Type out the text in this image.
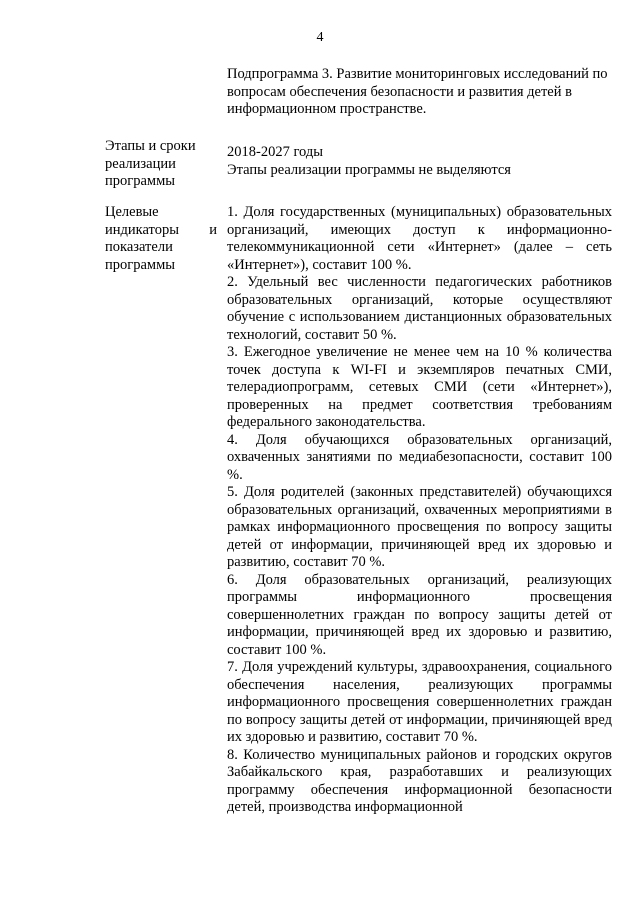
4
Подпрограмма 3. Развитие мониторинговых исследований по вопросам обеспечения безопасности и развития детей в информационном пространстве.
Этапы и сроки
реализации
программы
2018-2027 годы
Этапы реализации программы не выделяются
Целевые
индикаторы и
показатели
программы

1. Доля государственных (муниципальных) образовательных организаций, имеющих доступ к информационно-телекоммуникационной сети «Интернет» (далее – сеть «Интернет»), составит 100 %.

2. Удельный вес численности педагогических работников образовательных организаций, которые осуществляют обучение с использованием дистанционных образовательных технологий, составит 50 %.

3. Ежегодное увеличение не менее чем на 10 % количества точек доступа к WI-FI и экземпляров печатных СМИ, телерадиопрограмм, сетевых СМИ (сети «Интернет»), проверенных на предмет соответствия требованиям федерального законодательства.

4. Доля обучающихся образовательных организаций, охваченных занятиями по медиабезопасности, составит 100 %.

5. Доля родителей (законных представителей) обучающихся образовательных организаций, охваченных мероприятиями в рамках информационного просвещения по вопросу защиты детей от информации, причиняющей вред их здоровью и развитию, составит 70 %.

6. Доля образовательных организаций, реализующих программы информационного просвещения совершеннолетних граждан по вопросу защиты детей от информации, причиняющей вред их здоровью и развитию, составит 100 %.

7. Доля учреждений культуры, здравоохранения, социального обеспечения населения, реализующих программы информационного просвещения совершеннолетних граждан по вопросу защиты детей от информации, причиняющей вред их здоровью и развитию, составит 70 %.

8. Количество муниципальных районов и городских округов Забайкальского края, разработавших и реализующих программу обеспечения информационной безопасности детей, производства информационной
